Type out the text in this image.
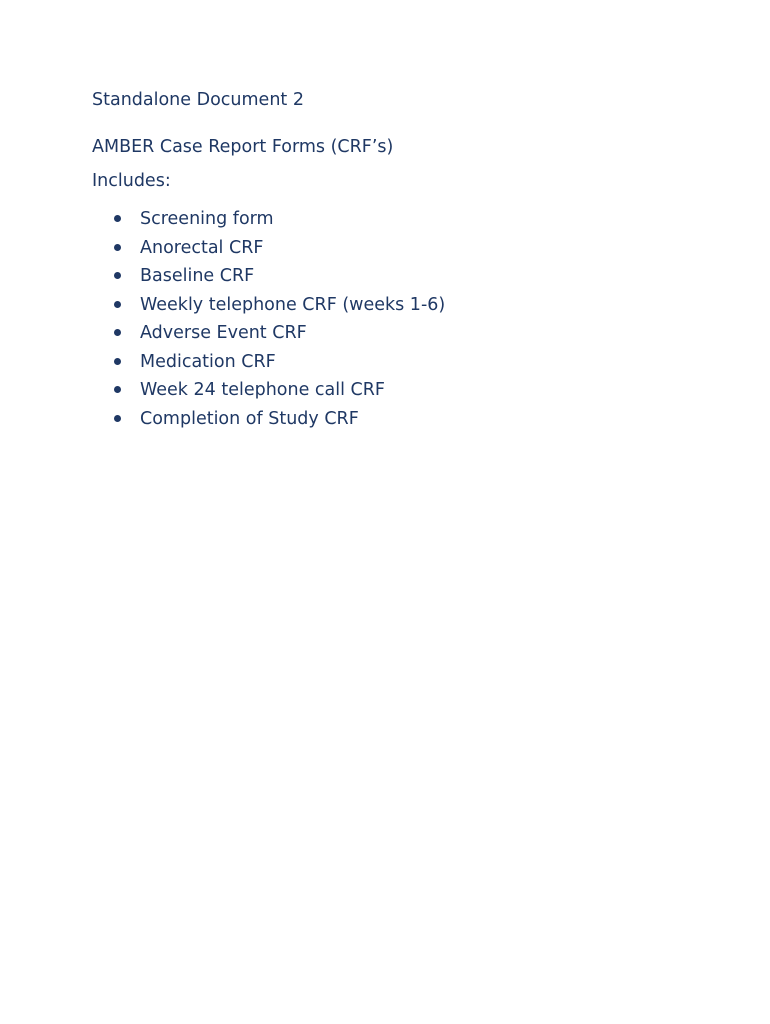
Standalone Document 2
AMBER Case Report Forms (CRF’s)
Includes:
Screening form
Anorectal CRF
Baseline CRF
Weekly telephone CRF (weeks 1-6)
Adverse Event CRF
Medication CRF
Week 24 telephone call CRF
Completion of Study CRF
